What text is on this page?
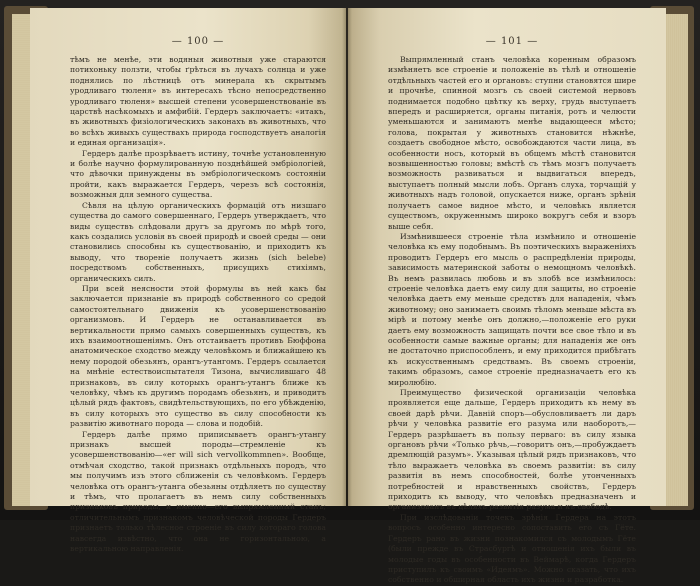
— 100 —

тѣмъ не менѣе, эти водяныя животныя уже стараются потихоньку ползти, чтобы ґрѣться въ лучахъ солнца и уже поднялись по лѣстницѣ отъ минерала къ скрытымъ уродливаго тюленя» въ интересахъ тѣсно непосредственно уродливаго тюленя» высшей степени усовершенствованіе въ царствѣ насѣкомыхъ и амфибій. Гердеръ заключаетъ: «итакъ, въ животныхъ физіологическихъ законахъ въ животныхъ, что во всѣхъ живыхъ существахъ природа господствуетъ аналогія и единая организація».

Гердеръ далѣе прозрѣваетъ истину, точнѣе установленную и болѣе научно формулированную позднѣйшей эмбріологіей, что дѣвочки принуждены въ эмбріологическомъ состояніи пройти, какъ выражается Гердеръ, черезъ всѣ состоянія, возможныя для земного существа.

Сѣвля на цѣлую органическихъ формацій отъ низшаго существа до самого совершеннаго, Гердеръ утверждаетъ, что виды существъ слѣдовали другъ за другомъ по мѣрѣ того, какъ создались условія въ своей природѣ и своей среды — они становились способны къ существованію, и приходитъ къ выводу, что твореніе получаетъ жизнь (sich belebe) посредствомъ собственныхъ, присущихъ стихіямъ, органическихъ силъ.

При всей неясности этой формулы въ ней какъ бы заключается признаніе въ природѣ собственного со средой самостоятельнаго движенія къ усовершенствованію организмовъ. И Гердеръ не останавливается въ вертикальности прямо самыхъ совершенныхъ существъ, къ ихъ взаимоотношеніямъ. Онъ отстаиваетъ противъ Бюффона анатомическое сходство между человѣкомъ и ближайшею къ нему породой обезьянъ, орангъ-утангомъ. Гердеръ ссылается на мнѣніе естествоиспытателя Тизона, вычислившаго 48 признаковъ, въ силу которыхъ орангъ-утангъ ближе къ человѣку, чѣмъ къ другимъ породамъ обезьянъ, и приводитъ цѣлый рядъ фактовъ, свидѣтельствующихъ, по его убѣжденію, въ силу которыхъ это существо въ силу способности къ развитію животнаго порода — слова и подобій.

Гердеръ далѣе прямо приписываетъ орангъ-утангу признакъ высшей породы—стремленіе къ усовершенствованію—«er will sich vervollkommnen». Вообще, отмѣчая сходство, такой признакъ отдѣльныхъ породъ, что мы получимъ изъ этого сближенія съ человѣкомъ. Гердеръ человѣка отъ орангъ-утанга обезьяны отдѣляетъ по существу и тѣмъ, что пролагаетъ въ немъ силу собственныхъ признаковъ природы, и именно—его выпрямленный станъ; отличительнымъ признакомъ человѣческой породы Гердеръ признаетъ только тѣлесное строеніе въ силу котораго голова навсегда извѣстно, что она не горизонтальною, а вертикальною направленія.

— 101 —

Выпрямленный станъ человѣка коренным образомъ измѣняетъ все строеніе и положеніе въ тѣлѣ и отношеніе отдѣльныхъ частей его и органовъ: ступни становятся шире и прочнѣе, спинной мозгъ съ своей системой нервовъ поднимается подобно цвѣтку къ верху, грудь выступаетъ впередъ и расширяется, органы питанія, ротъ и челюсти уменьшаются и занимаютъ менѣе выдающееся мѣсто; голова, покрытая у животныхъ становится нѣжнѣе, создаетъ свободное мѣсто, освобождаются части лица, въ особенности носъ, который въ общемъ мѣстѣ становится возвышенностью головы; вмѣстѣ съ тѣмъ мозгъ получаетъ возможность развиваться и выдвигаться впередъ, выступаетъ полный мысли лобъ. Органъ слуха, торчащій у животныхъ надъ головой, опускается ниже, органъ зрѣнія получаетъ самое видное мѣсто, и человѣкъ является существомъ, окруженнымъ широко вокругъ себя и взоръ выше себя.

Измѣнившееся строеніе тѣла измѣнило и отношеніе человѣка къ ему подобнымъ. Въ поэтическихъ выраженіяхъ проводитъ Гердеръ его мысль о распредѣленіи природы, зависимость материнской заботы о немощномъ человѣкѣ. Въ немъ развилась любовь и въ злобѣ все измѣнилось: строеніе человѣка даетъ ему силу для защиты, но строеніе человѣка даетъ ему меньше средствъ для нападенія, чѣмъ животному; оно занимаетъ своимъ тѣломъ меньше мѣста въ мірѣ и потому менѣе онъ должно,—положеніе его руки даетъ ему возможность защищать почти все свое тѣло и въ особенности самые важные органы; для нападенія же онъ не достаточно приспособленъ, и ему приходится прибѣгать къ искусственнымъ средствамъ. Въ своемъ строеніи, такимъ образомъ, самое строеніе предназначаетъ его къ миролюбію.

Преимущество физической организаціи человѣка проявляется еще дальше, Гердеръ приходитъ къ нему въ своей дарѣ рѣчи. Давній споръ—обусловливаетъ ли даръ рѣчи у человѣка развитіе его разума или наоборотъ,—Гердеръ разрѣшаетъ въ пользу перваго: въ силу языка органовъ рѣчи «Только рѣчь,—говоритъ онъ,—пробуждаетъ дремлющій разумъ». Указывая цѣлый рядъ признаковъ, что тѣло выражаетъ человѣка въ своемъ развитіи: въ силу развитія въ немъ способностей, болѣе утонченныхъ потребностей и нравственныхъ свойствъ, Гердеръ приходитъ къ выводу, что человѣкъ предназначенъ и организованъ въ цѣляхъ развитія разума и къ свободѣ.

При изслѣдованіи точекъ зрѣнія Гердера на этотъ вопросъ особенно интересно сопоставить его съ Гёте. Гердеръ рано въ жизни познакомился съ молодымъ Гёте (были прежде въ Страсбургѣ и отношенія ихъ были въ молодые годы въ особенности въ Веймарѣ, когда Гердеръ приступилъ къ своимъ «Идеямъ». Можно сказать, что ихъ собственно и обширная область ихъ жизни и разработка.
